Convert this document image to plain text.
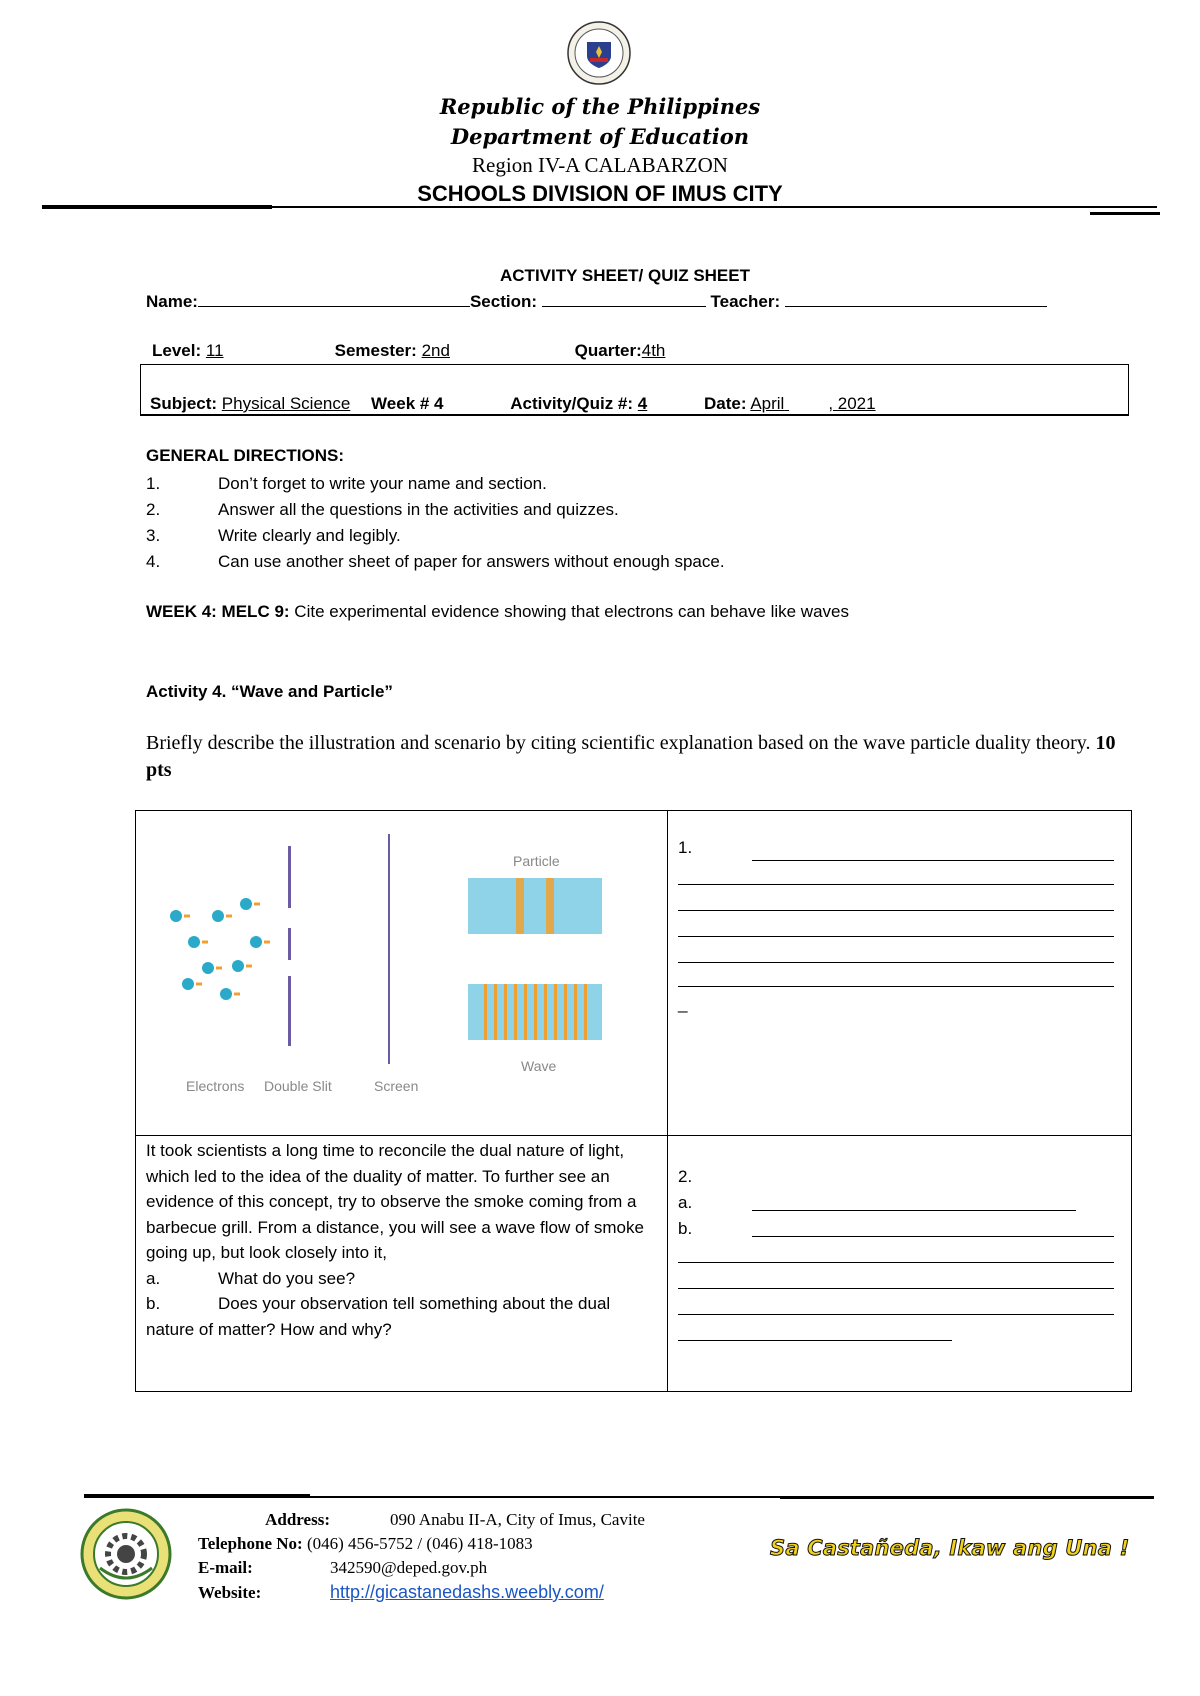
Republic of the Philippines
Department of Education
Region IV-A CALABARZON
SCHOOLS DIVISION OF IMUS CITY
ACTIVITY SHEET/ QUIZ SHEET
Name:	Section:	Teacher:
Level: 11	Semester: 2nd	Quarter:4th
Subject: Physical Science Week # 4	Activity/Quiz #: 4	Date: April	, 2021
GENERAL DIRECTIONS:
1.	Don’t forget to write your name and section.
2.	Answer all the questions in the activities and quizzes.
3.	Write clearly and legibly.
4.	Can use another sheet of paper for answers without enough space.
WEEK 4: MELC 9: Cite experimental evidence showing that electrons can behave like waves
Activity 4. “Wave and Particle”
Briefly describe the illustration and scenario by citing scientific explanation based on the wave particle duality theory. 10 pts
Particle
Wave
Electrons Double Slit	Screen
1.
_
It took scientists a long time to reconcile the dual nature of light, which led to the idea of the duality of matter. To further see an evidence of this concept, try to observe the smoke coming from a barbecue grill. From a distance, you will see a wave flow of smoke going up, but look closely into it,
a.	What do you see?
b.	Does your observation tell something about the dual nature of matter? How and why?
2.
a.
b.
Address:	090 Anabu II-A, City of Imus, Cavite
Telephone No: (046) 456-5752 / (046) 418-1083
E-mail:	342590@deped.gov.ph
Website:	http://gicastanedashs.weebly.com/
Sa Castañeda, Ikaw ang Una !
